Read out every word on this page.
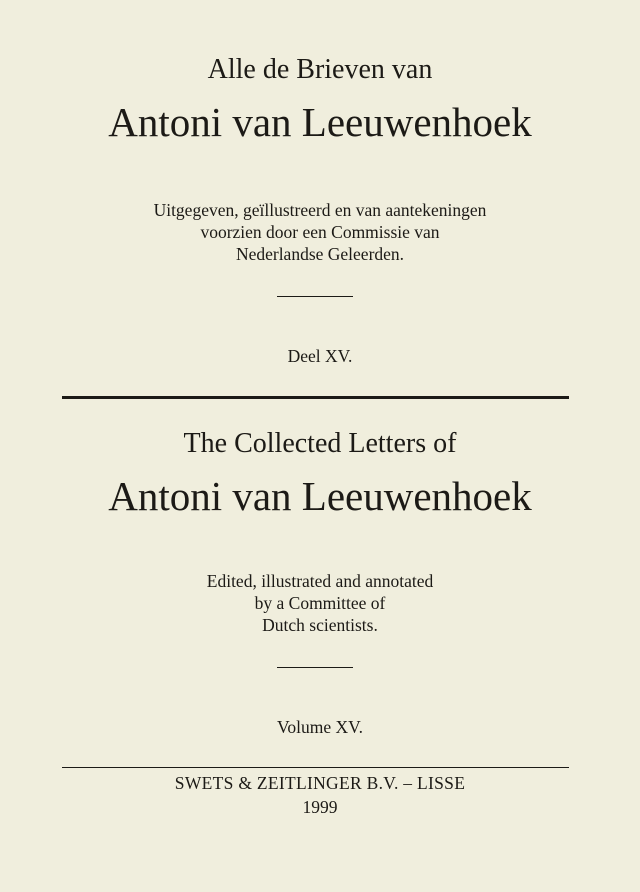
Alle de Brieven van
Antoni van Leeuwenhoek
Uitgegeven, geïllustreerd en van aantekeningen
voorzien door een Commissie van
Nederlandse Geleerden.
Deel XV.
The Collected Letters of
Antoni van Leeuwenhoek
Edited, illustrated and annotated
by a Committee of
Dutch scientists.
Volume XV.
SWETS & ZEITLINGER B.V. – LISSE
1999
